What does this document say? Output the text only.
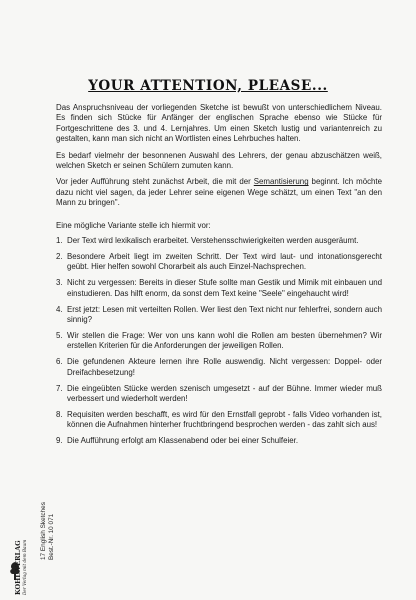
YOUR ATTENTION, PLEASE...

Das Anspruchsniveau der vorliegenden Sketche ist bewußt von unterschiedlichem Niveau. Es finden sich Stücke für Anfänger der englischen Sprache ebenso wie Stücke für Fortgeschrittene des 3. und 4. Lernjahres. Um einen Sketch lustig und variantenreich zu gestalten, kann man sich nicht an Wortlisten eines Lehrbuches halten.

Es bedarf vielmehr der besonnenen Auswahl des Lehrers, der genau abzuschätzen weiß, welchen Sketch er seinen Schülern zumuten kann.

Vor jeder Aufführung steht zunächst Arbeit, die mit der Semantisierung beginnt. Ich möchte dazu nicht viel sagen, da jeder Lehrer seine eigenen Wege schätzt, um einen Text "an den Mann zu bringen".

Eine mögliche Variante stelle ich hiermit vor:

1. Der Text wird lexikalisch erarbeitet. Verstehensschwierigkeiten werden ausgeräumt.
2. Besondere Arbeit liegt im zweiten Schritt. Der Text wird laut- und intonationsgerecht geübt. Hier helfen sowohl Chorarbeit als auch Einzel-Nachsprechen.
3. Nicht zu vergessen: Bereits in dieser Stufe sollte man Gestik und Mimik mit einbauen und einstudieren. Das hilft enorm, da sonst dem Text keine "Seele" eingehaucht wird!
4. Erst jetzt: Lesen mit verteilten Rollen. Wer liest den Text nicht nur fehlerfrei, sondern auch sinnig?
5. Wir stellen die Frage: Wer von uns kann wohl die Rollen am besten übernehmen? Wir erstellen Kriterien für die Anforderungen der jeweiligen Rollen.
6. Die gefundenen Akteure lernen ihre Rolle auswendig. Nicht vergessen: Doppel- oder Dreifachbesetzung!
7. Die eingeübten Stücke werden szenisch umgesetzt - auf der Bühne. Immer wieder muß verbessert und wiederholt werden!
8. Requisiten werden beschafft, es wird für den Ernstfall geprobt - falls Video vorhanden ist, können die Aufnahmen hinterher fruchtbringend besprochen werden - das zahlt sich aus!
9. Die Aufführung erfolgt am Klassenabend oder bei einer Schulfeier.
KOHL VERLAG Der Verlag mit dem Baum
17 English Sketches Best.-Nr. 10 071
